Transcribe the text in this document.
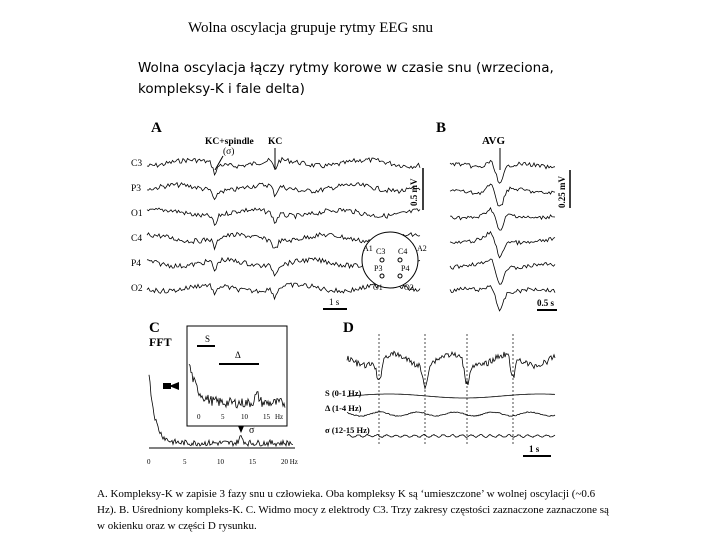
Wolna oscylacja grupuje rytmy EEG snu
Wolna oscylacja łączy rytmy korowe w czasie snu (wrzeciona, kompleksy-K i fale delta)
A
KC+spindle
(σ)
KC
C3
P3
O1
C4
P4
O2
0.5 mV
1 s
A1 C3 C4 A2
P3 P4
O1	O2
B
AVG
0.25 mV
0.5 s
C
FFT	S
Δ
0	5 10 15 Hz
σ
0	5	10	15	20 Hz
D
S (0-1 Hz)
Δ (1-4 Hz)
σ (12-15 Hz)
1 s
A. Kompleksy-K w zapisie 3 fazy snu u człowieka. Oba kompleksy K są ‘umieszczone’ w wolnej oscylacji (~0.6 Hz). B. Uśredniony kompleks-K. C. Widmo mocy z elektrody C3. Trzy zakresy częstości zaznaczone zaznaczone są w okienku oraz w części D rysunku.
